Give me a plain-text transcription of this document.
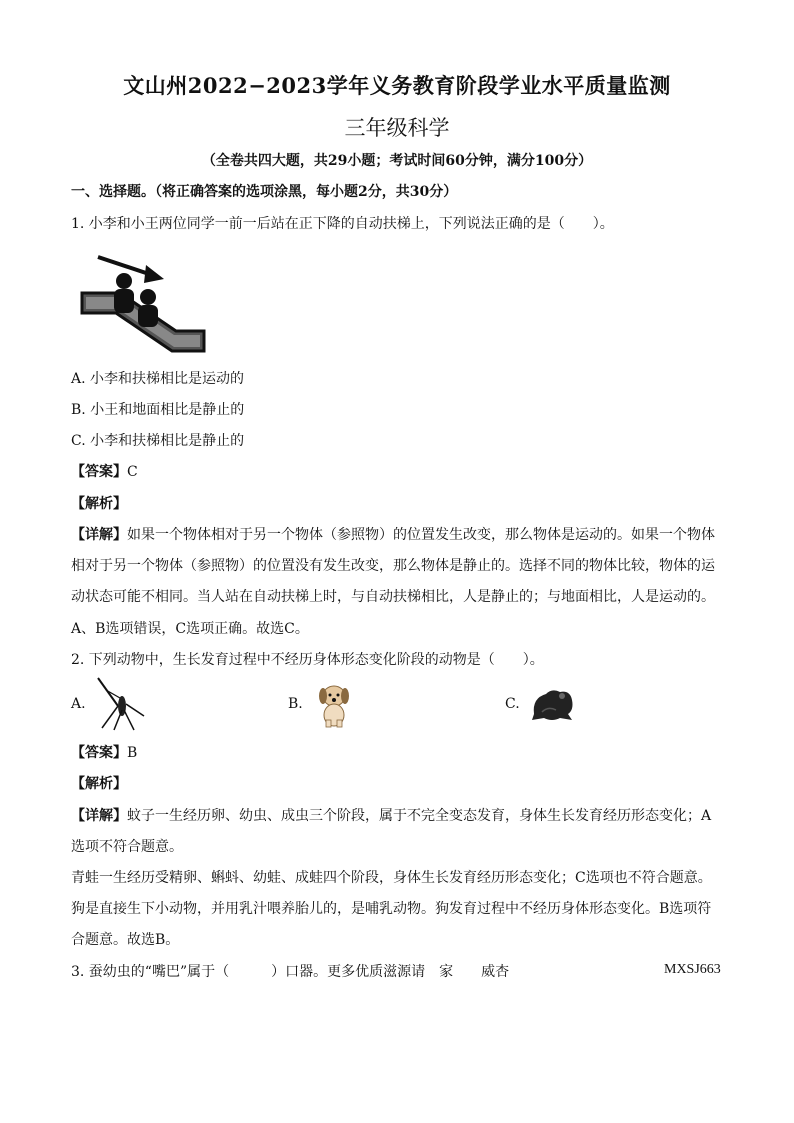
文山州2022−2023学年义务教育阶段学业水平质量监测
三年级科学
（全卷共四大题，共29小题；考试时间60分钟，满分100分）
一、选择题。（将正确答案的选项涂黑，每小题2分，共30分）
1. 小李和小王两位同学一前一后站在正下降的自动扶梯上，下列说法正确的是（　　）。
A. 小李和扶梯相比是运动的
B. 小王和地面相比是静止的
C. 小李和扶梯相比是静止的
【答案】C
【解析】
【详解】如果一个物体相对于另一个物体（参照物）的位置发生改变，那么物体是运动的。如果一个物体
相对于另一个物体（参照物）的位置没有发生改变，那么物体是静止的。选择不同的物体比较，物体的运
动状态可能不相同。当人站在自动扶梯上时，与自动扶梯相比，人是静止的；与地面相比，人是运动的。
A、B选项错误，C选项正确。故选C。
2. 下列动物中，生长发育过程中不经历身体形态变化阶段的动物是（　　）。
A.	B.	C.
【答案】B
【解析】
【详解】蚊子一生经历卵、幼虫、成虫三个阶段，属于不完全变态发育，身体生长发育经历形态变化；A
选项不符合题意。
青蛙一生经历受精卵、蝌蚪、幼蛙、成蛙四个阶段，身体生长发育经历形态变化；C选项也不符合题意。
狗是直接生下小动物，并用乳汁喂养胎儿的，是哺乳动物。狗发育过程中不经历身体形态变化。B选项符
合题意。故选B。
3. 蚕幼虫的“嘴巴”属于（　　　）口器。更多优质滋源请　家　　威杏	MXSJ663
